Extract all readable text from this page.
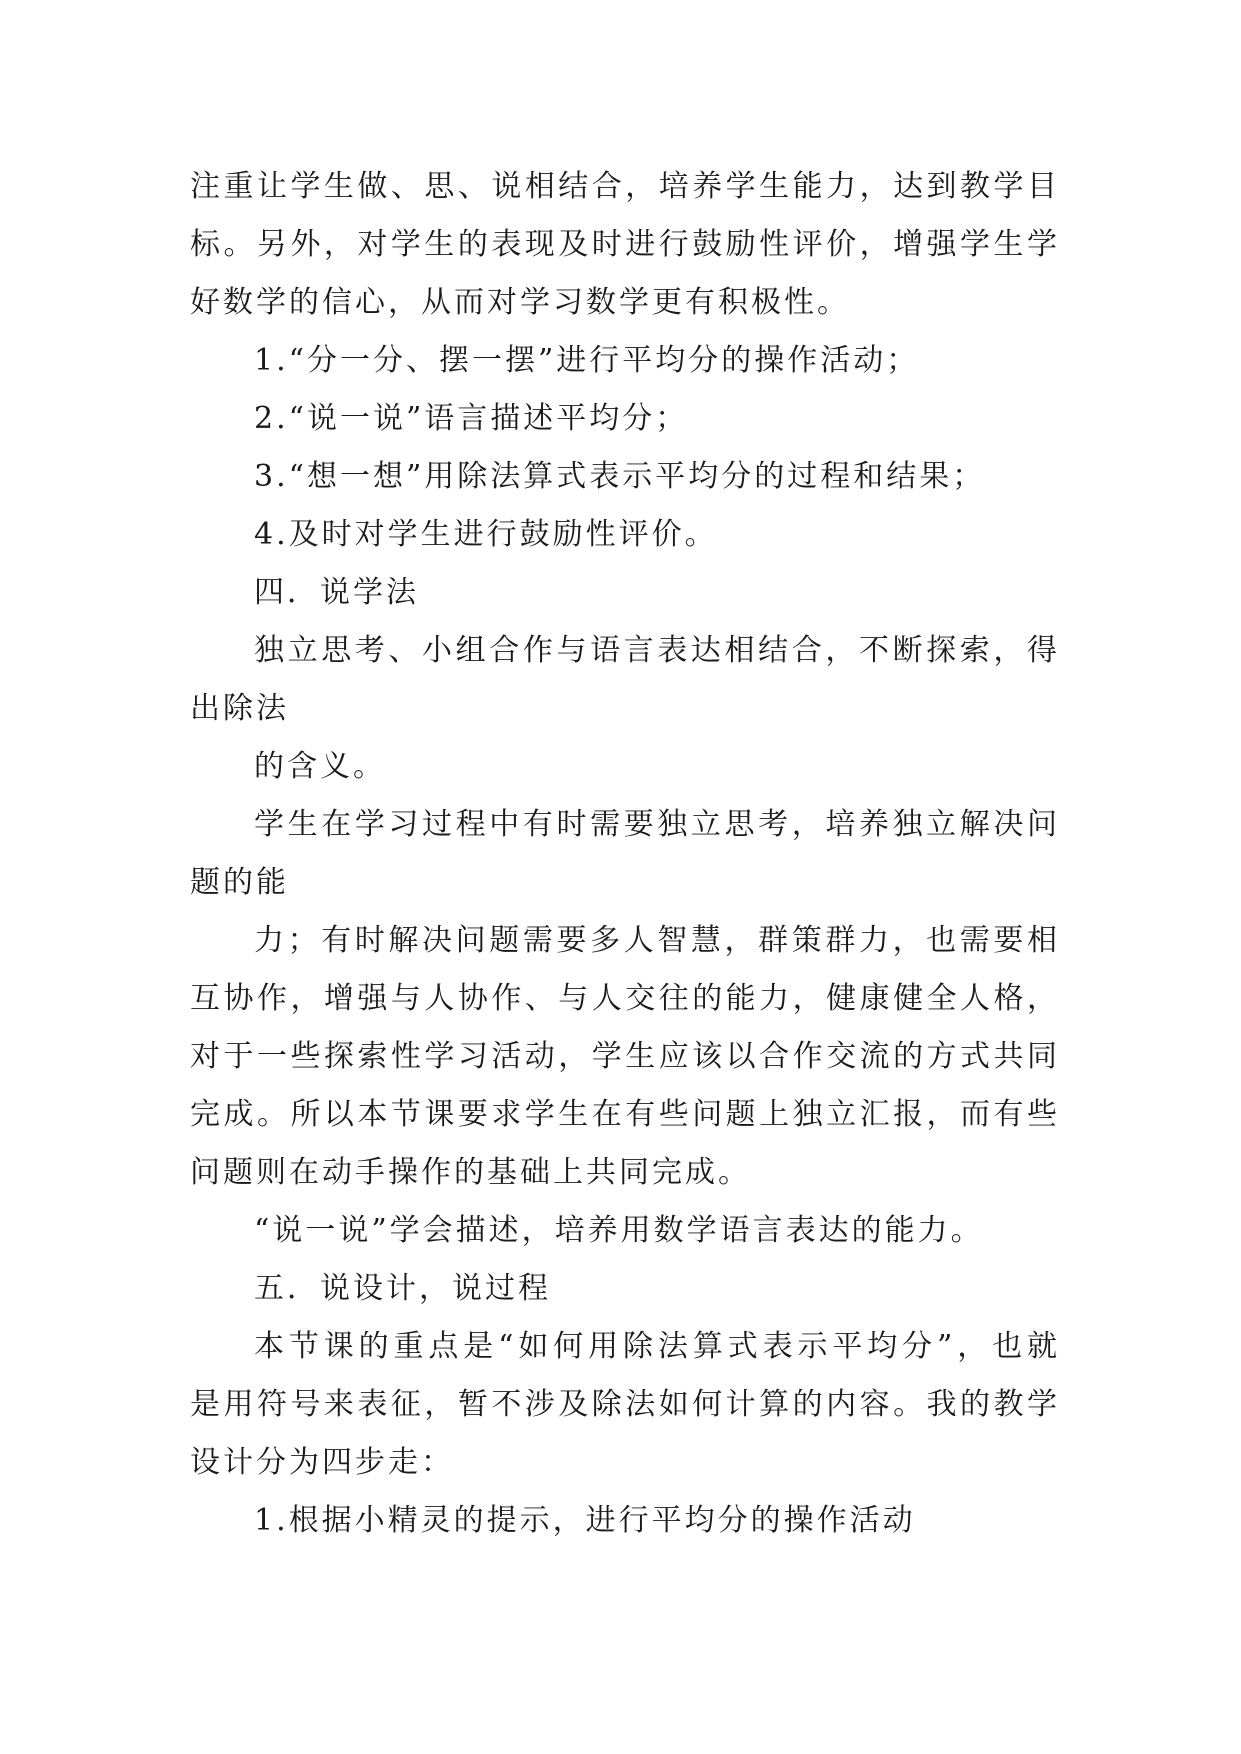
注重让学生做、思、说相结合，培养学生能力，达到教学目
标。另外，对学生的表现及时进行鼓励性评价，增强学生学
好数学的信心，从而对学习数学更有积极性。
1.“分一分、摆一摆”进行平均分的操作活动；
2.“说一说”语言描述平均分；
3.“想一想”用除法算式表示平均分的过程和结果；
4.及时对学生进行鼓励性评价。
四．说学法
独立思考、小组合作与语言表达相结合，不断探索，得
出除法
的含义。
学生在学习过程中有时需要独立思考，培养独立解决问
题的能
力；有时解决问题需要多人智慧，群策群力，也需要相
互协作，增强与人协作、与人交往的能力，健康健全人格，
对于一些探索性学习活动，学生应该以合作交流的方式共同
完成。所以本节课要求学生在有些问题上独立汇报，而有些
问题则在动手操作的基础上共同完成。
“说一说”学会描述，培养用数学语言表达的能力。
五．说设计，说过程
本节课的重点是“如何用除法算式表示平均分”，也就
是用符号来表征，暂不涉及除法如何计算的内容。我的教学
设计分为四步走：
1.根据小精灵的提示，进行平均分的操作活动
